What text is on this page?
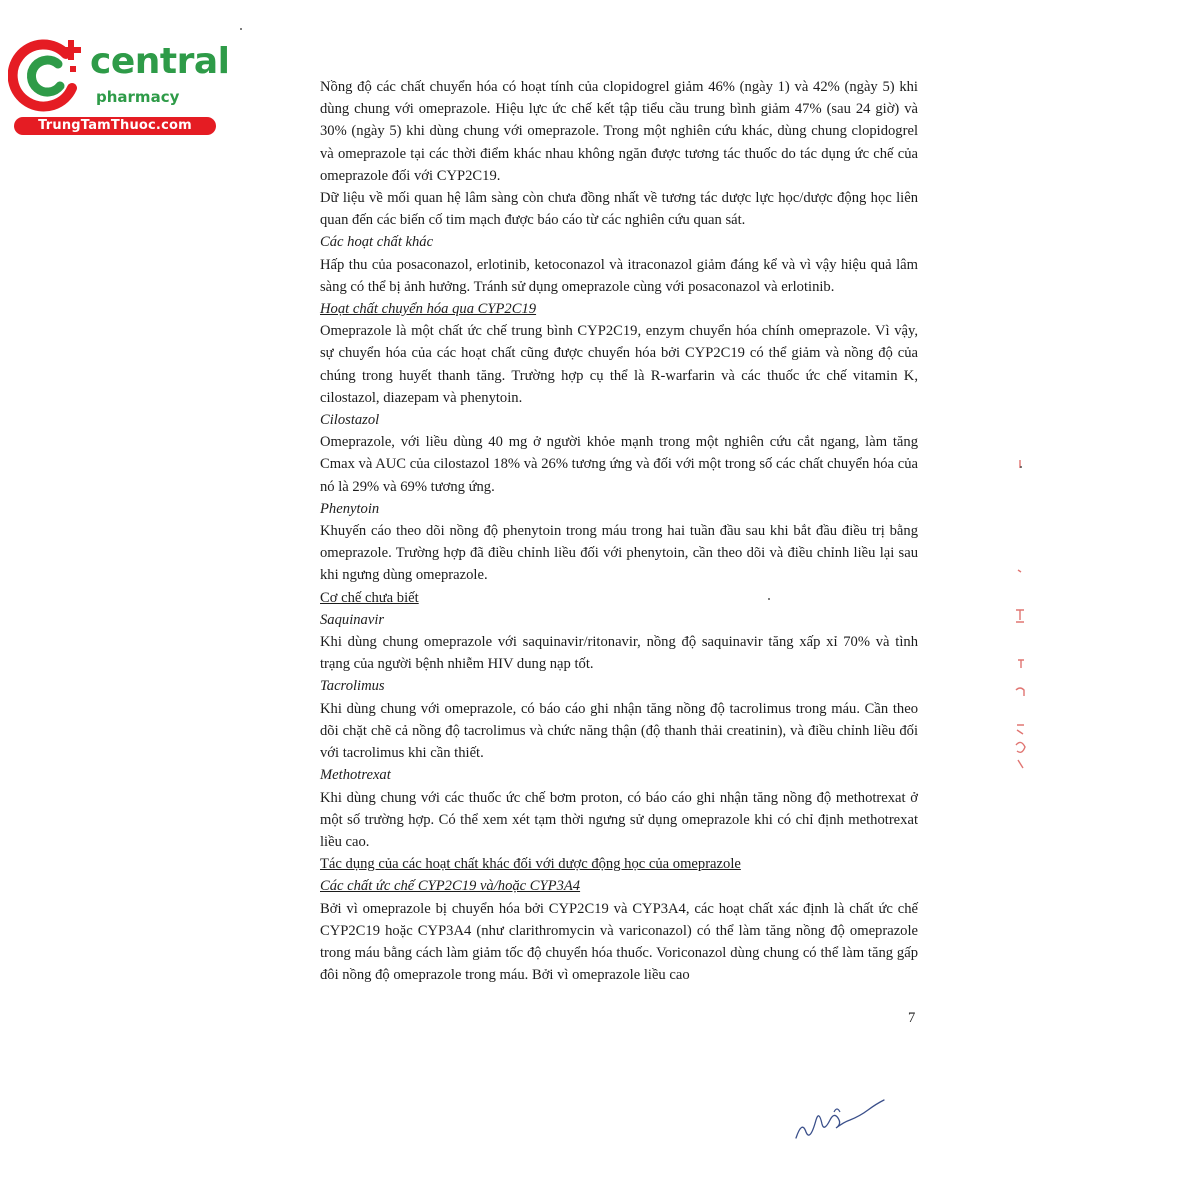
central
pharmacy
TrungTamThuoc.com

Nồng độ các chất chuyển hóa có hoạt tính của clopidogrel giảm 46% (ngày 1) và 42% (ngày 5) khi dùng chung với omeprazole. Hiệu lực ức chế kết tập tiểu cầu trung bình giảm 47% (sau 24 giờ) và 30% (ngày 5) khi dùng chung với omeprazole. Trong một nghiên cứu khác, dùng chung clopidogrel và omeprazole tại các thời điểm khác nhau không ngăn được tương tác thuốc do tác dụng ức chế của omeprazole đối với CYP2C19.

Dữ liệu về mối quan hệ lâm sàng còn chưa đồng nhất về tương tác dược lực học/dược động học liên quan đến các biến cố tim mạch được báo cáo từ các nghiên cứu quan sát.

Các hoạt chất khác

Hấp thu của posaconazol, erlotinib, ketoconazol và itraconazol giảm đáng kể và vì vậy hiệu quả lâm sàng có thể bị ảnh hưởng. Tránh sử dụng omeprazole cùng với posaconazol và erlotinib.

Hoạt chất chuyển hóa qua CYP2C19

Omeprazole là một chất ức chế trung bình CYP2C19, enzym chuyển hóa chính omeprazole. Vì vậy, sự chuyển hóa của các hoạt chất cũng được chuyển hóa bởi CYP2C19 có thể giảm và nồng độ của chúng trong huyết thanh tăng. Trường hợp cụ thể là R-warfarin và các thuốc ức chế vitamin K, cilostazol, diazepam và phenytoin.

Cilostazol

Omeprazole, với liều dùng 40 mg ở người khỏe mạnh trong một nghiên cứu cắt ngang, làm tăng Cmax và AUC của cilostazol 18% và 26% tương ứng và đối với một trong số các chất chuyển hóa của nó là 29% và 69% tương ứng.

Phenytoin

Khuyến cáo theo dõi nồng độ phenytoin trong máu trong hai tuần đầu sau khi bắt đầu điều trị bằng omeprazole. Trường hợp đã điều chỉnh liều đối với phenytoin, cần theo dõi và điều chỉnh liều lại sau khi ngưng dùng omeprazole.

Cơ chế chưa biết
Saquinavir

Khi dùng chung omeprazole với saquinavir/ritonavir, nồng độ saquinavir tăng xấp xỉ 70% và tình trạng của người bệnh nhiễm HIV dung nạp tốt.

Tacrolimus

Khi dùng chung với omeprazole, có báo cáo ghi nhận tăng nồng độ tacrolimus trong máu. Cần theo dõi chặt chẽ cả nồng độ tacrolimus và chức năng thận (độ thanh thải creatinin), và điều chỉnh liều đối với tacrolimus khi cần thiết.

Methotrexat

Khi dùng chung với các thuốc ức chế bơm proton, có báo cáo ghi nhận tăng nồng độ methotrexat ở một số trường hợp. Có thể xem xét tạm thời ngưng sử dụng omeprazole khi có chỉ định methotrexat liều cao.

Tác dụng của các hoạt chất khác đối với dược động học của omeprazole
Các chất ức chế CYP2C19 và/hoặc CYP3A4

Bởi vì omeprazole bị chuyển hóa bởi CYP2C19 và CYP3A4, các hoạt chất xác định là chất ức chế CYP2C19 hoặc CYP3A4 (như clarithromycin và variconazol) có thể làm tăng nồng độ omeprazole trong máu bằng cách làm giảm tốc độ chuyển hóa thuốc. Voriconazol dùng chung có thể làm tăng gấp đôi nồng độ omeprazole trong máu. Bởi vì omeprazole liều cao

7
